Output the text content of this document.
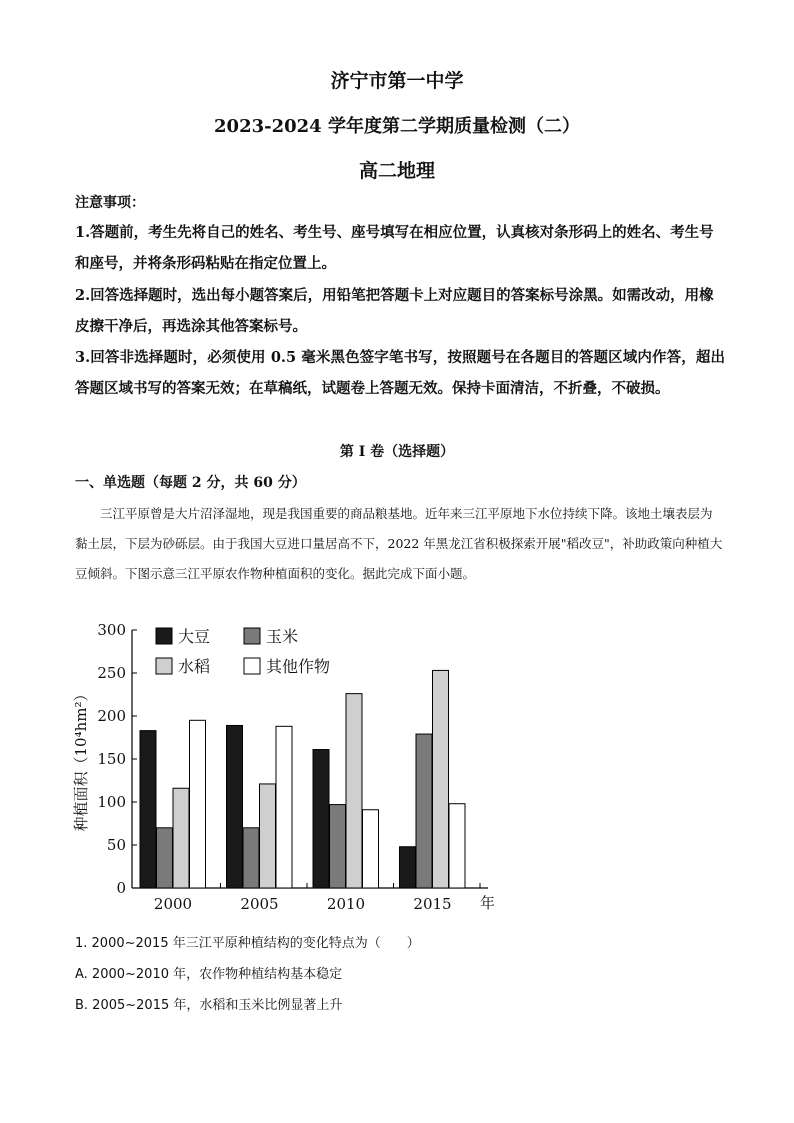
济宁市第一中学
2023-2024 学年度第二学期质量检测（二）
高二地理
注意事项：
1.答题前，考生先将自己的姓名、考生号、座号填写在相应位置，认真核对条形码上的姓名、考生号和座号，并将条形码粘贴在指定位置上。
2.回答选择题时，选出每小题答案后，用铅笔把答题卡上对应题目的答案标号涂黑。如需改动，用橡皮擦干净后，再选涂其他答案标号。
3.回答非选择题时，必须使用 0.5 毫米黑色签字笔书写，按照题号在各题目的答题区域内作答，超出答题区域书写的答案无效；在草稿纸，试题卷上答题无效。保持卡面清洁，不折叠，不破损。
第 I 卷（选择题）
一、单选题（每题 2 分，共 60 分）
三江平原曾是大片沼泽湿地，现是我国重要的商品粮基地。近年来三江平原地下水位持续下降。该地土壤表层为黏土层，下层为砂砾层。由于我国大豆进口量居高不下，2022 年黑龙江省积极探索开展"稻改豆"，补助政策向种植大豆倾斜。下图示意三江平原农作物种植面积的变化。据此完成下面小题。
0
50
100
150
200
250
300
种植面积（10⁴hm²）
2000	2005	2010	2015 年
大豆	玉米
水稻	其他作物
1. 2000~2015 年三江平原种植结构的变化特点为（　　）
A. 2000~2010 年，农作物种植结构基本稳定
B. 2005~2015 年，水稻和玉米比例显著上升
